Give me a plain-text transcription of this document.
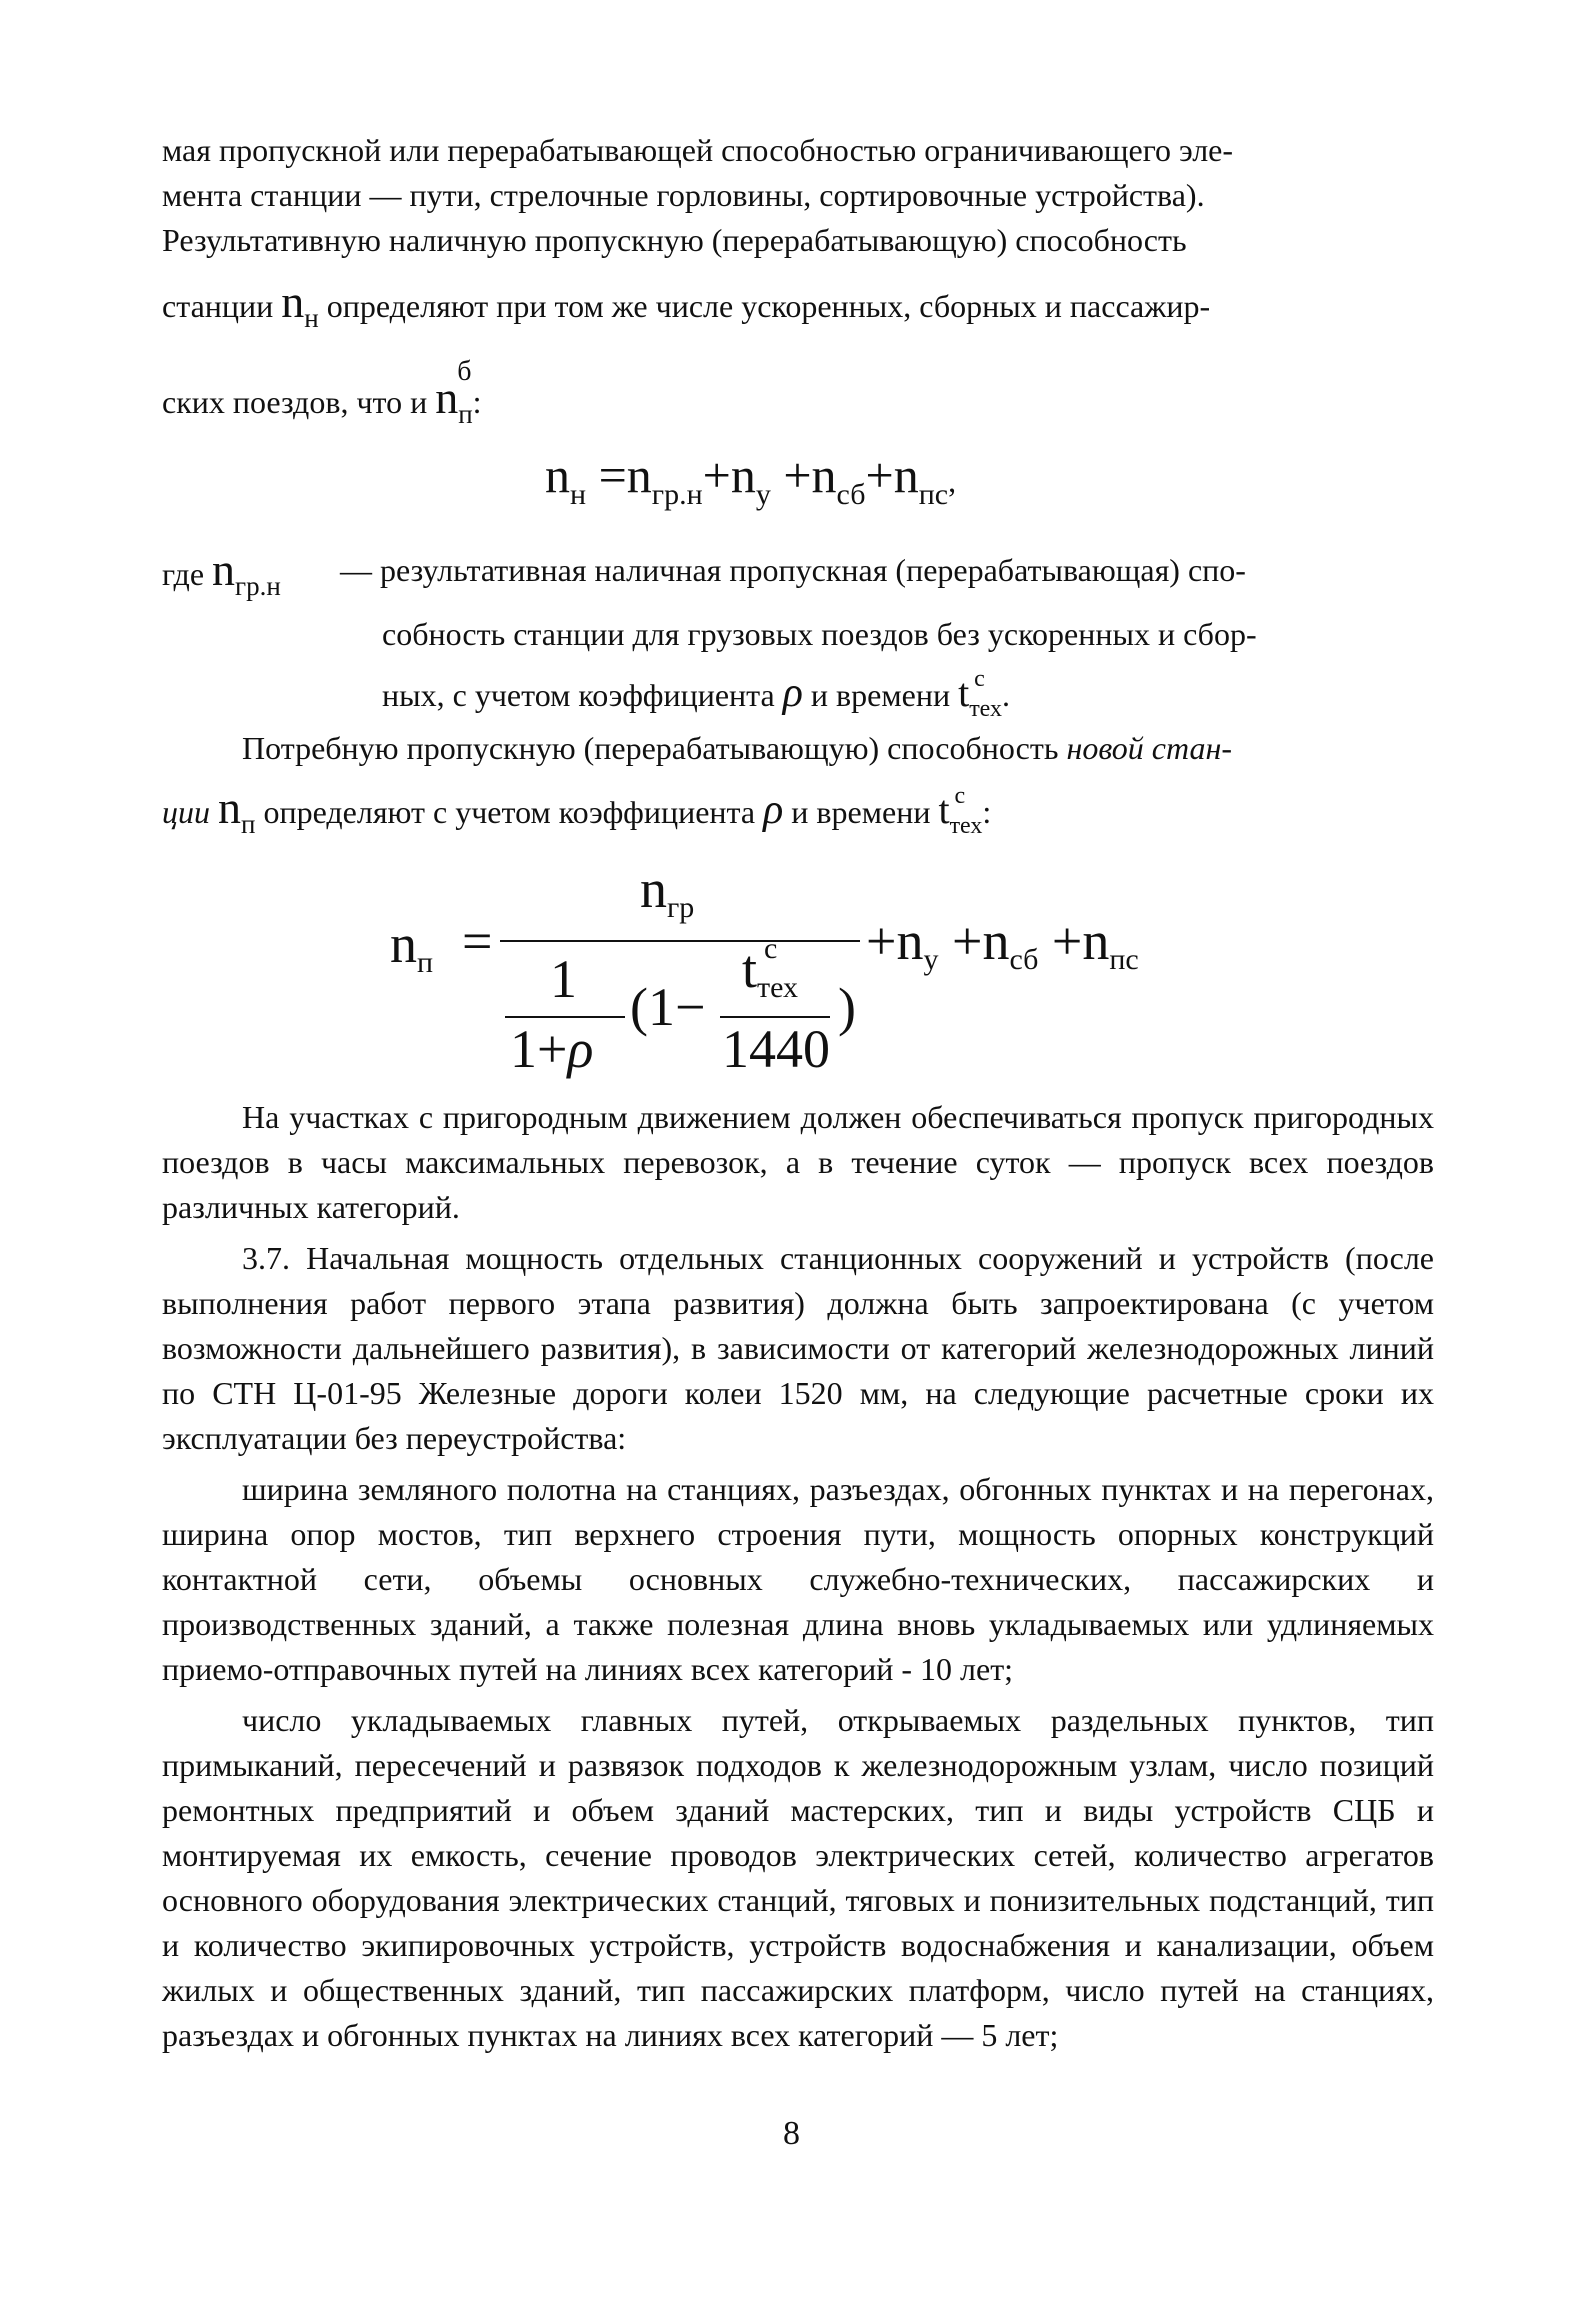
мая пропускной или перерабатывающей способностью ограничивающего эле-

мента станции — пути, стрелочные горловины, сортировочные устройства).

Результативную наличную пропускную (перерабатывающую) способность

станции $n_н$ определяют при том же числе ускоренных, сборных и пассажир-

ских поездов, что и n
б
$_п$:

$n_н =n_{гр.н}+n_у +n_{сб}+n_{пс}$,
где $n_{гр.н}$ — результативная наличная пропускная (перерабатывающая) спо-

собность станции для грузовых поездов без ускоренных и сбор-

ных, с учетом коэффициента ρ и времени t с
$_{тех}$.

Потребную пропускную (перерабатывающую) способность новой стан-

ции $n_п$ определяют с учетом коэффициента ρ и времени t с
$_{тех}$:

$n_п$ =
$n_{гр}$
1
1+ρ
(1−
t с
$_{тех}$
1440
)
$+n_у +n_{сб} +n_{пс}$

На участках с пригородным движением должен обеспечиваться пропуск пригородных поездов в часы максимальных перевозок, а в течение суток — пропуск всех поездов различных категорий.

3.7. Начальная мощность отдельных станционных сооружений и устройств (после выполнения работ первого этапа развития) должна быть запроектирована (с учетом возможности дальнейшего развития), в зависимости от категорий железнодорожных линий по СТН Ц-01-95 Железные дороги колеи 1520 мм, на следующие расчетные сроки их эксплуатации без переустройства:

ширина земляного полотна на станциях, разъездах, обгонных пунктах и на перегонах, ширина опор мостов, тип верхнего строения пути, мощность опорных конструкций контактной сети, объемы основных служебно-технических, пассажирских и производственных зданий, а также полезная длина вновь укладываемых или удлиняемых приемо-отправочных путей на линиях всех категорий - 10 лет;

число укладываемых главных путей, открываемых раздельных пунктов, тип примыканий, пересечений и развязок подходов к железнодорожным узлам, число позиций ремонтных предприятий и объем зданий мастерских, тип и виды устройств СЦБ и монтируемая их емкость, сечение проводов электрических сетей, количество агрегатов основного оборудования электрических станций, тяговых и понизительных подстанций, тип и количество экипировочных устройств, устройств водоснабжения и канализации, объем жилых и общественных зданий, тип пассажирских платформ, число путей на станциях, разъездах и обгонных пунктах на линиях всех категорий — 5 лет;

8
